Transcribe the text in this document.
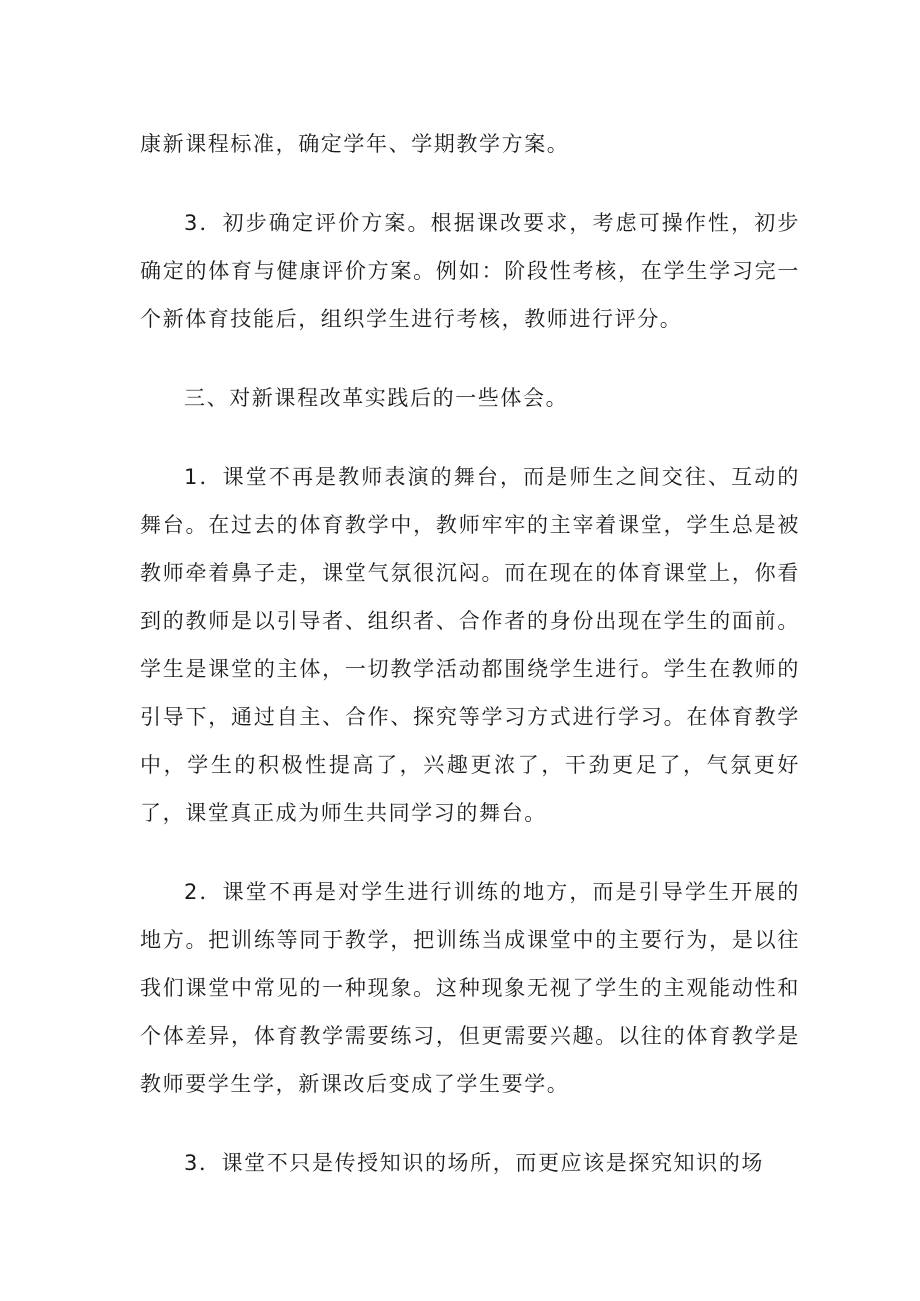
康新课程标准，确定学年、学期教学方案。

3．初步确定评价方案。根据课改要求，考虑可操作性，初步确定的体育与健康评价方案。例如：阶段性考核，在学生学习完一个新体育技能后，组织学生进行考核，教师进行评分。

三、对新课程改革实践后的一些体会。

1．课堂不再是教师表演的舞台，而是师生之间交往、互动的舞台。在过去的体育教学中，教师牢牢的主宰着课堂，学生总是被教师牵着鼻子走，课堂气氛很沉闷。而在现在的体育课堂上，你看到的教师是以引导者、组织者、合作者的身份出现在学生的面前。学生是课堂的主体，一切教学活动都围绕学生进行。学生在教师的引导下，通过自主、合作、探究等学习方式进行学习。在体育教学中，学生的积极性提高了，兴趣更浓了，干劲更足了，气氛更好了，课堂真正成为师生共同学习的舞台。

2．课堂不再是对学生进行训练的地方，而是引导学生开展的地方。把训练等同于教学，把训练当成课堂中的主要行为，是以往我们课堂中常见的一种现象。这种现象无视了学生的主观能动性和个体差异，体育教学需要练习，但更需要兴趣。以往的体育教学是教师要学生学，新课改后变成了学生要学。

3．课堂不只是传授知识的场所，而更应该是探究知识的场
